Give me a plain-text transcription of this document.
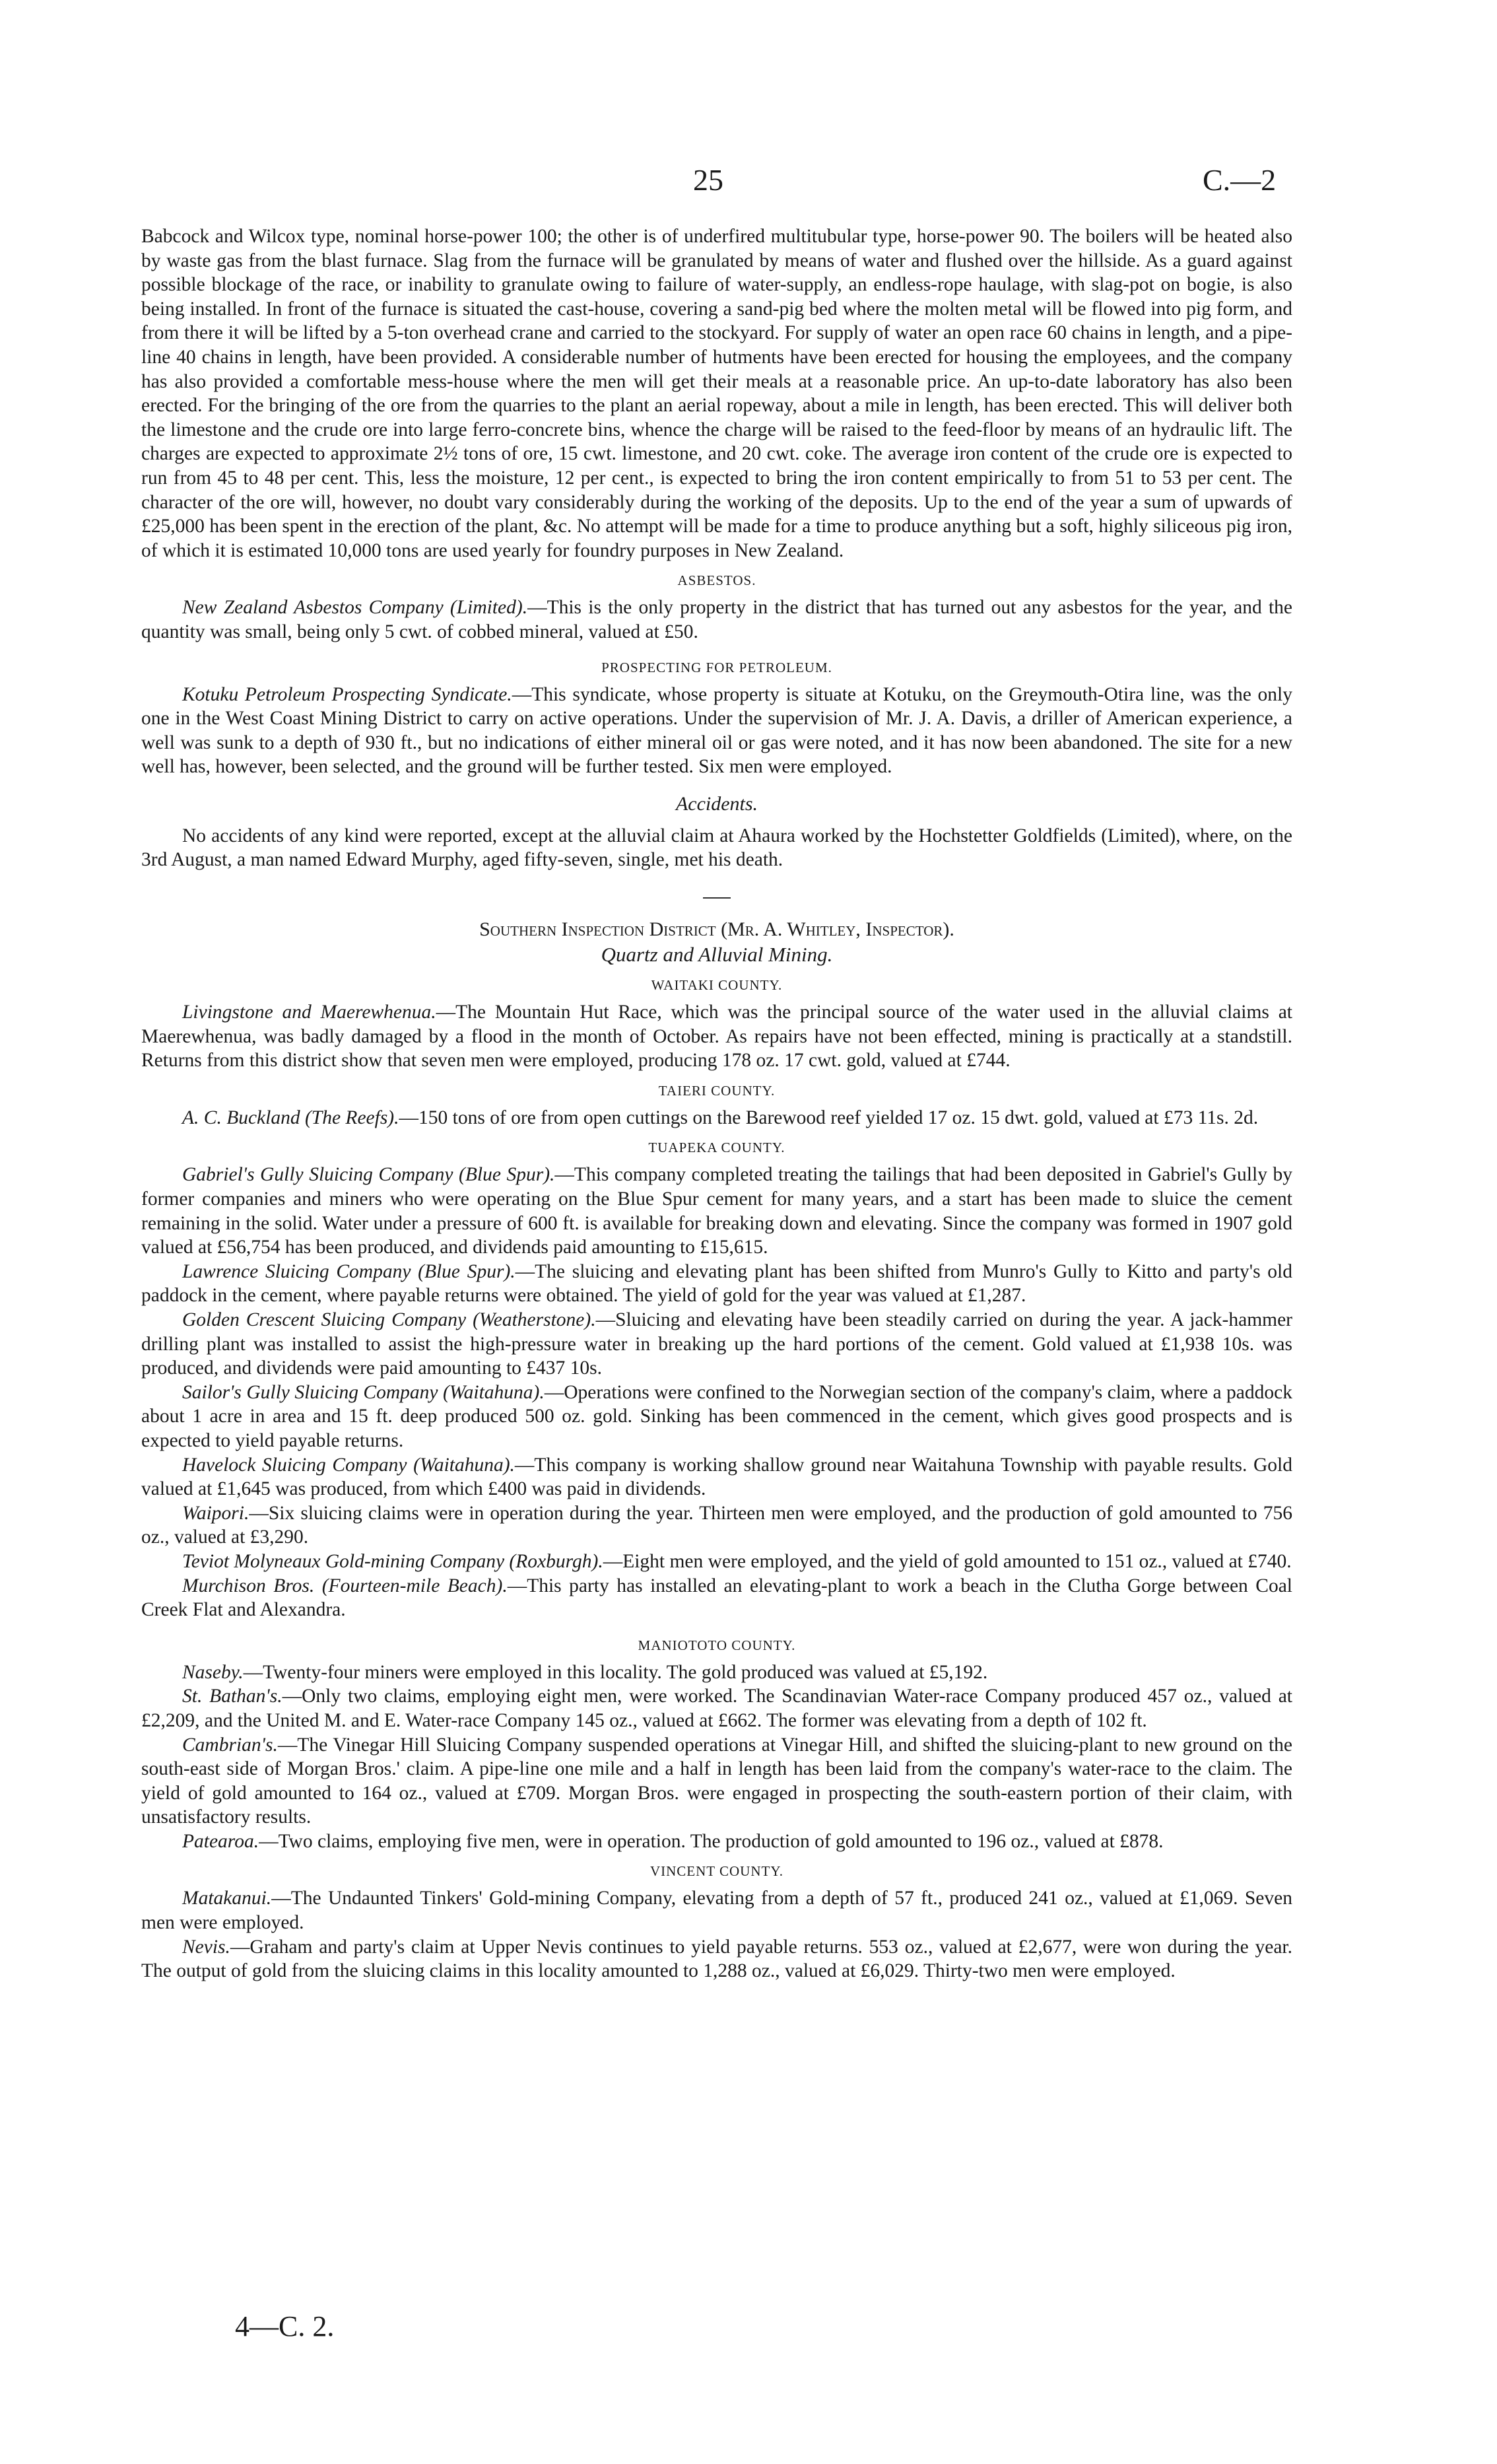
25	C.—2

Babcock and Wilcox type, nominal horse-power 100; the other is of underfired multitubular type, horse-power 90. The boilers will be heated also by waste gas from the blast furnace. Slag from the furnace will be granulated by means of water and flushed over the hillside. As a guard against possible blockage of the race, or inability to granulate owing to failure of water-supply, an endless-rope haulage, with slag-pot on bogie, is also being installed. In front of the furnace is situated the cast-house, covering a sand-pig bed where the molten metal will be flowed into pig form, and from there it will be lifted by a 5-ton overhead crane and carried to the stockyard. For supply of water an open race 60 chains in length, and a pipe-line 40 chains in length, have been provided. A considerable number of hutments have been erected for housing the employees, and the company has also provided a comfortable mess-house where the men will get their meals at a reasonable price. An up-to-date laboratory has also been erected. For the bringing of the ore from the quarries to the plant an aerial ropeway, about a mile in length, has been erected. This will deliver both the limestone and the crude ore into large ferro-concrete bins, whence the charge will be raised to the feed-floor by means of an hydraulic lift. The charges are expected to approximate 2½ tons of ore, 15 cwt. limestone, and 20 cwt. coke. The average iron content of the crude ore is expected to run from 45 to 48 per cent. This, less the moisture, 12 per cent., is expected to bring the iron content empirically to from 51 to 53 per cent. The character of the ore will, however, no doubt vary considerably during the working of the deposits. Up to the end of the year a sum of upwards of £25,000 has been spent in the erection of the plant, &c. No attempt will be made for a time to produce anything but a soft, highly siliceous pig iron, of which it is estimated 10,000 tons are used yearly for foundry purposes in New Zealand.

ASBESTOS.

New Zealand Asbestos Company (Limited).—This is the only property in the district that has turned out any asbestos for the year, and the quantity was small, being only 5 cwt. of cobbed mineral, valued at £50.

PROSPECTING FOR PETROLEUM.

Kotuku Petroleum Prospecting Syndicate.—This syndicate, whose property is situate at Kotuku, on the Greymouth-Otira line, was the only one in the West Coast Mining District to carry on active operations. Under the supervision of Mr. J. A. Davis, a driller of American experience, a well was sunk to a depth of 930 ft., but no indications of either mineral oil or gas were noted, and it has now been abandoned. The site for a new well has, however, been selected, and the ground will be further tested. Six men were employed.

Accidents.

No accidents of any kind were reported, except at the alluvial claim at Ahaura worked by the Hochstetter Goldfields (Limited), where, on the 3rd August, a man named Edward Murphy, aged fifty-seven, single, met his death.

Southern Inspection District (Mr. A. Whitley, Inspector).
Quartz and Alluvial Mining.
WAITAKI COUNTY.

Livingstone and Maerewhenua.—The Mountain Hut Race, which was the principal source of the water used in the alluvial claims at Maerewhenua, was badly damaged by a flood in the month of October. As repairs have not been effected, mining is practically at a standstill. Returns from this district show that seven men were employed, producing 178 oz. 17 cwt. gold, valued at £744.

TAIERI COUNTY.

A. C. Buckland (The Reefs).—150 tons of ore from open cuttings on the Barewood reef yielded 17 oz. 15 dwt. gold, valued at £73 11s. 2d.

TUAPEKA COUNTY.

Gabriel's Gully Sluicing Company (Blue Spur).—This company completed treating the tailings that had been deposited in Gabriel's Gully by former companies and miners who were operating on the Blue Spur cement for many years, and a start has been made to sluice the cement remaining in the solid. Water under a pressure of 600 ft. is available for breaking down and elevating. Since the company was formed in 1907 gold valued at £56,754 has been produced, and dividends paid amounting to £15,615.

Lawrence Sluicing Company (Blue Spur).—The sluicing and elevating plant has been shifted from Munro's Gully to Kitto and party's old paddock in the cement, where payable returns were obtained. The yield of gold for the year was valued at £1,287.

Golden Crescent Sluicing Company (Weatherstone).—Sluicing and elevating have been steadily carried on during the year. A jack-hammer drilling plant was installed to assist the high-pressure water in breaking up the hard portions of the cement. Gold valued at £1,938 10s. was produced, and dividends were paid amounting to £437 10s.

Sailor's Gully Sluicing Company (Waitahuna).—Operations were confined to the Norwegian section of the company's claim, where a paddock about 1 acre in area and 15 ft. deep produced 500 oz. gold. Sinking has been commenced in the cement, which gives good prospects and is expected to yield payable returns.

Havelock Sluicing Company (Waitahuna).—This company is working shallow ground near Waitahuna Township with payable results. Gold valued at £1,645 was produced, from which £400 was paid in dividends.

Waipori.—Six sluicing claims were in operation during the year. Thirteen men were employed, and the production of gold amounted to 756 oz., valued at £3,290.

Teviot Molyneaux Gold-mining Company (Roxburgh).—Eight men were employed, and the yield of gold amounted to 151 oz., valued at £740.

Murchison Bros. (Fourteen-mile Beach).—This party has installed an elevating-plant to work a beach in the Clutha Gorge between Coal Creek Flat and Alexandra.

MANIOTOTO COUNTY.

Naseby.—Twenty-four miners were employed in this locality. The gold produced was valued at £5,192.

St. Bathan's.—Only two claims, employing eight men, were worked. The Scandinavian Water-race Company produced 457 oz., valued at £2,209, and the United M. and E. Water-race Company 145 oz., valued at £662. The former was elevating from a depth of 102 ft.

Cambrian's.—The Vinegar Hill Sluicing Company suspended operations at Vinegar Hill, and shifted the sluicing-plant to new ground on the south-east side of Morgan Bros.' claim. A pipe-line one mile and a half in length has been laid from the company's water-race to the claim. The yield of gold amounted to 164 oz., valued at £709. Morgan Bros. were engaged in prospecting the south-eastern portion of their claim, with unsatisfactory results.

Patearoa.—Two claims, employing five men, were in operation. The production of gold amounted to 196 oz., valued at £878.

VINCENT COUNTY.

Matakanui.—The Undaunted Tinkers' Gold-mining Company, elevating from a depth of 57 ft., produced 241 oz., valued at £1,069. Seven men were employed.

Nevis.—Graham and party's claim at Upper Nevis continues to yield payable returns. 553 oz., valued at £2,677, were won during the year. The output of gold from the sluicing claims in this locality amounted to 1,288 oz., valued at £6,029. Thirty-two men were employed.

4—C. 2.
